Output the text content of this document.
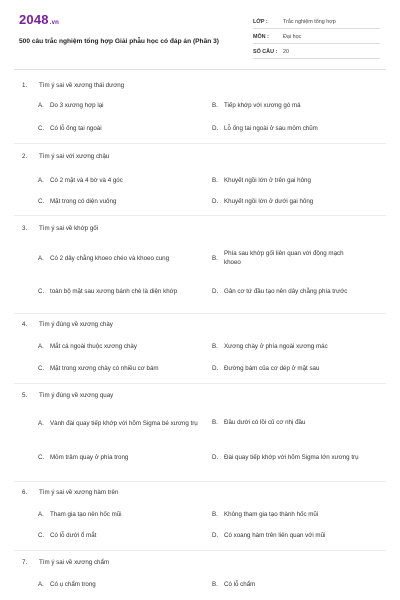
2048.vn
500 câu trắc nghiệm tổng hợp Giải phẫu học có đáp án (Phần 3)
LỚP :	Trắc nghiệm tổng hợp
MÔN :	Đại học
SỐ CÂU : 20
1. Tìm ý sai về xương thái dương
A. Do 3 xương hợp lại	B. Tiếp khớp với xương gò má
C. Có lỗ ống tai ngoài	D. Lỗ ống tai ngoài ở sau mỏm chũm
2. Tìm ý sai với xương chậu
A. Có 2 mặt và 4 bờ và 4 góc	B. Khuyết ngồi lớn ở trên gai hông
C. Mặt trong có diện vuông	D. Khuyết ngồi lớn ở dưới gai hông
3. Tìm ý sai về khớp gối
A. Có 2 dây chằng khoeo chéo và khoeo cung	B.
Phía sau khớp gối liên quan với động mạch khoeo
C. toàn bộ mặt sau xương bánh chè là diện khớp	D. Gân cơ tứ đầu tạo nên dây chằng phía trước
4. Tìm ý đúng về xương chày
A. Mắt cá ngoài thuộc xương chày	B. Xương chày ở phía ngoài xương mác
C. Mặt trong xương chày có nhiều cơ bám	D. Đường bám của cơ dép ở mặt sau
5. Tìm ý đúng về xương quay
A. Vành đài quay tiếp khớp với hõm Sigma bé xương trụ B. Đầu dưới có lồi củ cơ nhị đầu
C. Mỏm trâm quay ở phía trong	D. Đài quay tiếp khớp với hõm Sigma lớn xương trụ
6. Tìm ý sai về xương hàm trên
A. Tham gia tạo nên hốc mũi	B. Không tham gia tạo thành hốc mũi
C. Có lỗ dưới ổ mắt	D. Có xoang hàm trên liên quan với mũi
7. Tìm ý sai về xương chẩm
A. Có ụ chẩm trong	B. Có lỗ chẩm
